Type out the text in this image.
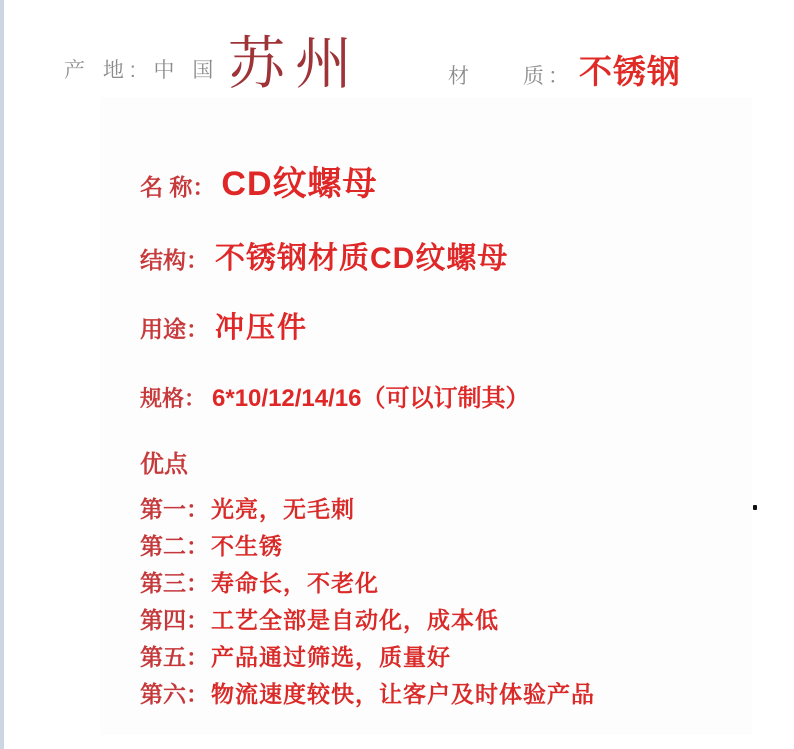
产 地: 中 国 苏州	材　　质： 不锈钢
名 称： CD纹螺母
结构： 不锈钢材质CD纹螺母
用途： 冲压件
规格： 6*10/12/14/16（可以订制其）
优点
第一： 光亮，无毛刺
第二： 不生锈
第三： 寿命长，不老化
第四： 工艺全部是自动化，成本低
第五： 产品通过筛选，质量好
第六： 物流速度较快，让客户及时体验产品
